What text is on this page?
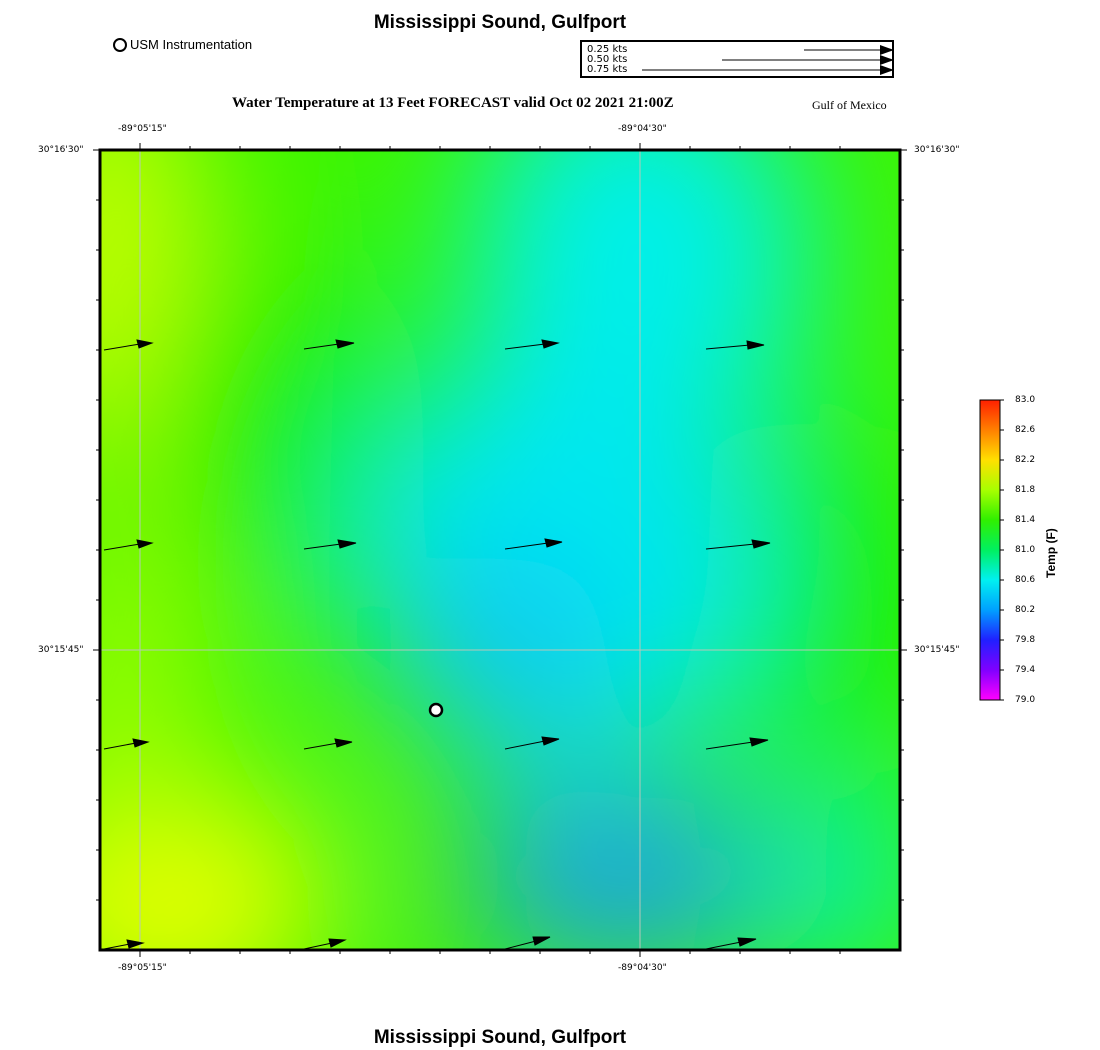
Mississippi Sound, Gulfport
USM Instrumentation	0.25 kts
0.50 kts
0.75 kts
Water Temperature at 13 Feet FORECAST valid Oct 02 2021 21:00Z	Gulf of Mexico
-89°05'15"	-89°04'30"
-89°05'15"	-89°04'30"
30°16'30"
30°15'45"
30°16'30"
30°15'45"
83.0
82.6
82.2
81.8
81.4
81.0
80.6
80.2
79.8
79.4
79.0
Temp (F)
Mississippi Sound, Gulfport
